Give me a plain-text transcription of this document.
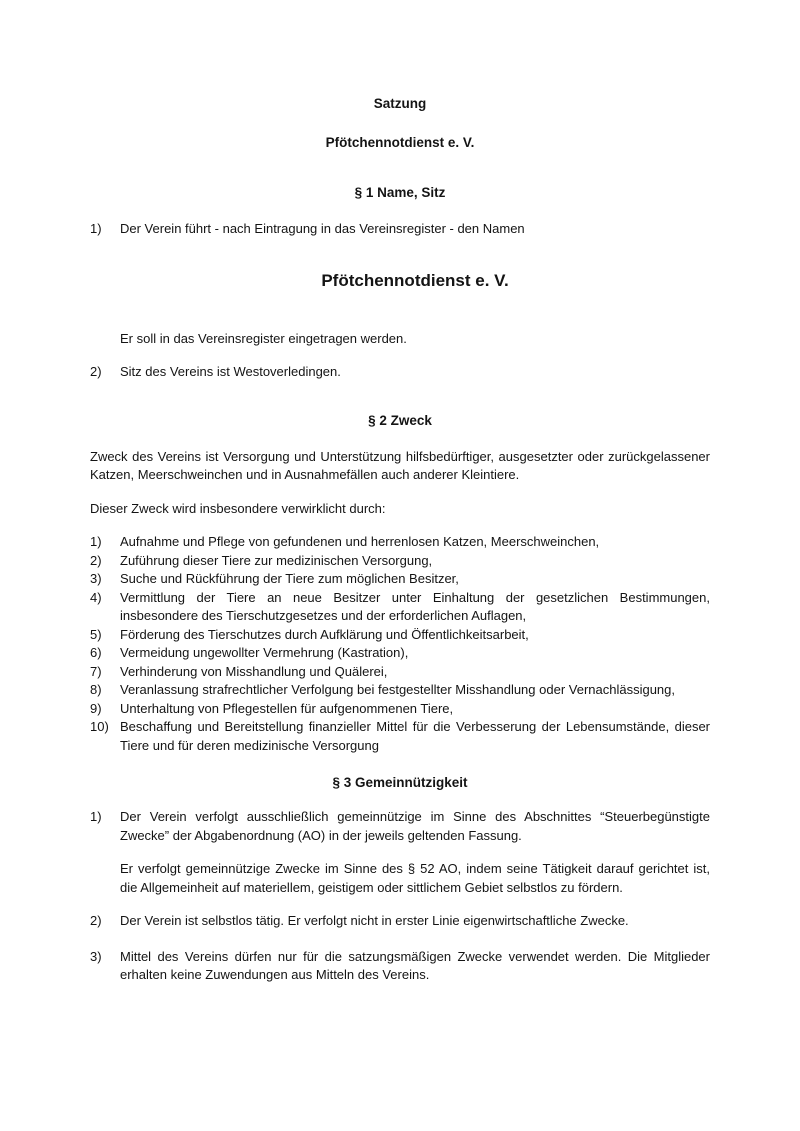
Satzung
Pfötchennotdienst e. V.
§ 1 Name, Sitz
1)	Der Verein führt - nach Eintragung in das Vereinsregister - den Namen
Pfötchennotdienst e. V.
Er soll in das Vereinsregister eingetragen werden.
2)	Sitz des Vereins ist Westoverledingen.
§ 2 Zweck
Zweck des Vereins ist Versorgung und Unterstützung hilfsbedürftiger, ausgesetzter oder zurückgelassener Katzen, Meerschweinchen und in Ausnahmefällen auch anderer Kleintiere.
Dieser Zweck wird insbesondere verwirklicht durch:
1)	Aufnahme und Pflege von gefundenen und herrenlosen Katzen, Meerschweinchen,
2)	Zuführung dieser Tiere zur medizinischen Versorgung,
3)	Suche und Rückführung der Tiere zum möglichen Besitzer,
4)	Vermittlung der Tiere an neue Besitzer unter Einhaltung der gesetzlichen Bestimmungen, insbesondere des Tierschutzgesetzes und der erforderlichen Auflagen,
5)	Förderung des Tierschutzes durch Aufklärung und Öffentlichkeitsarbeit,
6)	Vermeidung ungewollter Vermehrung (Kastration),
7)	Verhinderung von Misshandlung und Quälerei,
8)	Veranlassung strafrechtlicher Verfolgung bei festgestellter Misshandlung oder Vernachlässigung,
9)	Unterhaltung von Pflegestellen für aufgenommenen Tiere,
10) Beschaffung und Bereitstellung finanzieller Mittel für die Verbesserung der Lebensumstände, dieser Tiere und für deren medizinische Versorgung
§ 3 Gemeinnützigkeit
1)	Der Verein verfolgt ausschließlich gemeinnützige im Sinne des Abschnittes “Steuerbegünstigte Zwecke” der Abgabenordnung (AO) in der jeweils geltenden Fassung.
Er verfolgt gemeinnützige Zwecke im Sinne des § 52 AO, indem seine Tätigkeit darauf gerichtet ist, die Allgemeinheit auf materiellem, geistigem oder sittlichem Gebiet selbstlos zu fördern.
2)	Der Verein ist selbstlos tätig. Er verfolgt nicht in erster Linie eigenwirtschaftliche Zwecke.
3)	Mittel des Vereins dürfen nur für die satzungsmäßigen Zwecke verwendet werden. Die Mitglieder erhalten keine Zuwendungen aus Mitteln des Vereins.
